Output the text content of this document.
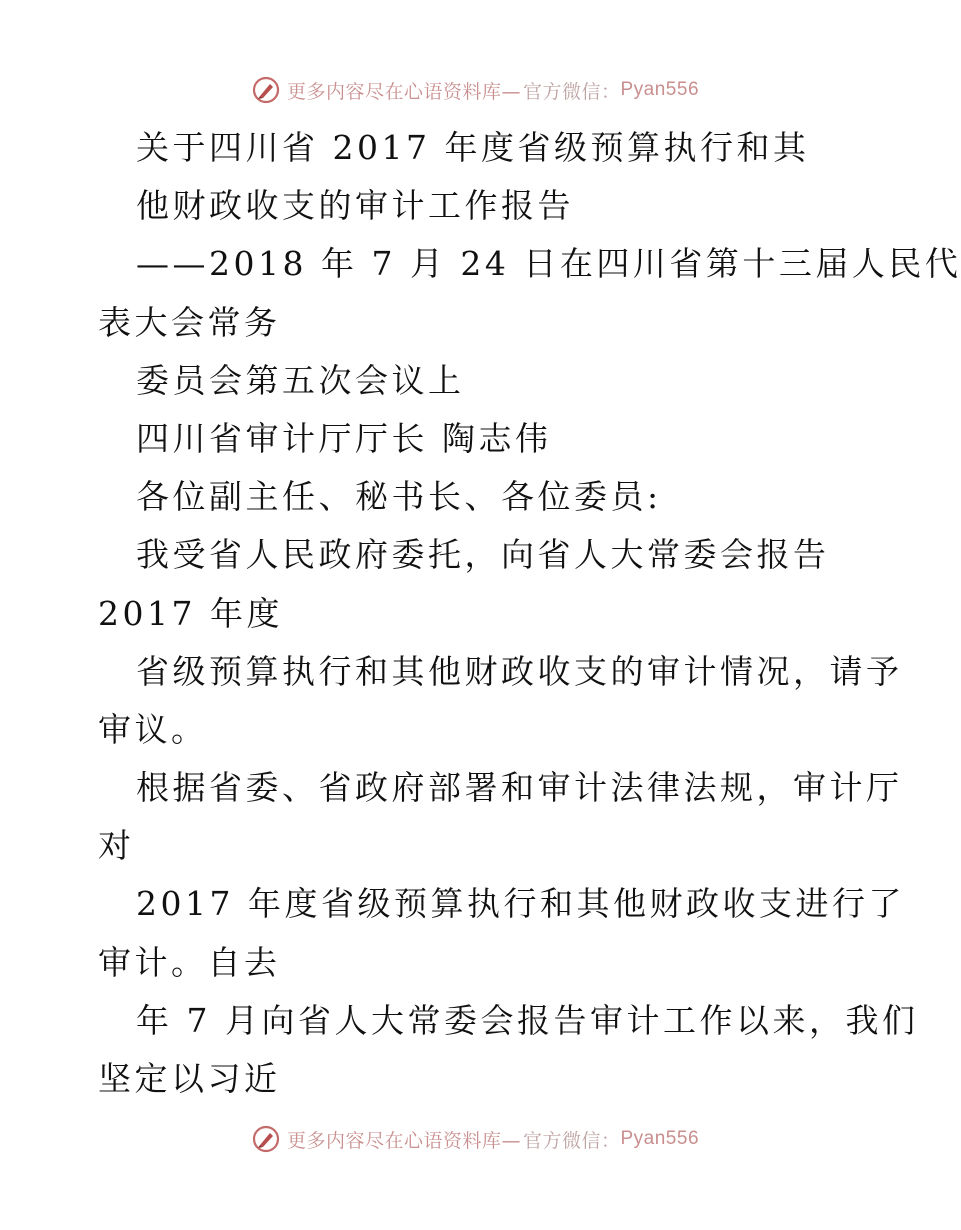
更多内容尽在心语资料库— 官方微信： Pyan556
关于四川省 2017 年度省级预算执行和其
他财政收支的审计工作报告
——2018 年 7 月 24 日在四川省第十三届人民代
表大会常务
委员会第五次会议上
四川省审计厅厅长 陶志伟
各位副主任、秘书长、各位委员:
我受省人民政府委托，向省人大常委会报告
2017 年度
省级预算执行和其他财政收支的审计情况，请予
审议。
根据省委、省政府部署和审计法律法规，审计厅
对
2017 年度省级预算执行和其他财政收支进行了
审计。自去
年 7 月向省人大常委会报告审计工作以来，我们
坚定以习近
更多内容尽在心语资料库— 官方微信： Pyan556
